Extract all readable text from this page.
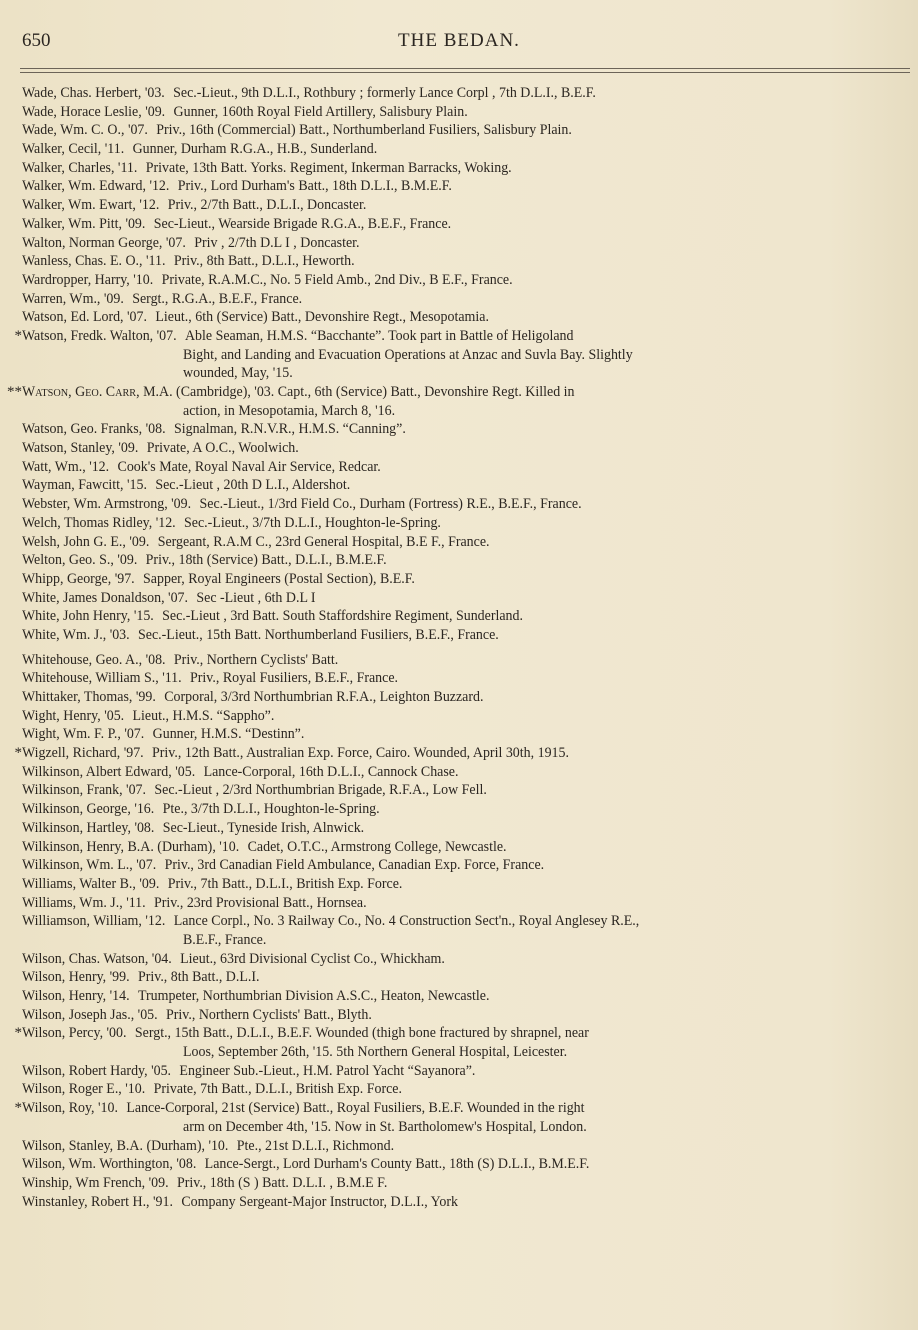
650	THE BEDAN.
Wade, Chas. Herbert, '03. Sec.-Lieut., 9th D.L.I., Rothbury ; formerly Lance Corpl , 7th D.L.I., B.E.F.
Wade, Horace Leslie, '09. Gunner, 160th Royal Field Artillery, Salisbury Plain.
Wade, Wm. C. O., '07. Priv., 16th (Commercial) Batt., Northumberland Fusiliers, Salisbury Plain.
Walker, Cecil, '11. Gunner, Durham R.G.A., H.B., Sunderland.
Walker, Charles, '11. Private, 13th Batt. Yorks. Regiment, Inkerman Barracks, Woking.
Walker, Wm. Edward, '12. Priv., Lord Durham's Batt., 18th D.L.I., B.M.E.F.
Walker, Wm. Ewart, '12. Priv., 2/7th Batt., D.L.I., Doncaster.
Walker, Wm. Pitt, '09. Sec-Lieut., Wearside Brigade R.G.A., B.E.F., France.
Walton, Norman George, '07. Priv , 2/7th D.L I , Doncaster.
Wanless, Chas. E. O., '11. Priv., 8th Batt., D.L.I., Heworth.
Wardropper, Harry, '10. Private, R.A.M.C., No. 5 Field Amb., 2nd Div., B E.F., France.
Warren, Wm., '09. Sergt., R.G.A., B.E.F., France.
Watson, Ed. Lord, '07. Lieut., 6th (Service) Batt., Devonshire Regt., Mesopotamia.
* Watson, Fredk. Walton, '07. Able Seaman, H.M.S. “Bacchante”. Took part in Battle of Heligoland
Bight, and Landing and Evacuation Operations at Anzac and Suvla Bay. Slightly
wounded, May, '15.
** Watson, Geo. Carr, M.A. (Cambridge), '03. Capt., 6th (Service) Batt., Devonshire Regt. Killed in
action, in Mesopotamia, March 8, '16.
Watson, Geo. Franks, '08. Signalman, R.N.V.R., H.M.S. “Canning”.
Watson, Stanley, '09. Private, A O.C., Woolwich.
Watt, Wm., '12. Cook's Mate, Royal Naval Air Service, Redcar.
Wayman, Fawcitt, '15. Sec.-Lieut , 20th D L.I., Aldershot.
Webster, Wm. Armstrong, '09. Sec.-Lieut., 1/3rd Field Co., Durham (Fortress) R.E., B.E.F., France.
Welch, Thomas Ridley, '12. Sec.-Lieut., 3/7th D.L.I., Houghton-le-Spring.
Welsh, John G. E., '09. Sergeant, R.A.M C., 23rd General Hospital, B.E F., France.
Welton, Geo. S., '09. Priv., 18th (Service) Batt., D.L.I., B.M.E.F.
Whipp, George, '97. Sapper, Royal Engineers (Postal Section), B.E.F.
White, James Donaldson, '07. Sec -Lieut , 6th D.L I
White, John Henry, '15. Sec.-Lieut , 3rd Batt. South Staffordshire Regiment, Sunderland.
White, Wm. J., '03. Sec.-Lieut., 15th Batt. Northumberland Fusiliers, B.E.F., France.
Whitehouse, Geo. A., '08. Priv., Northern Cyclists' Batt.
Whitehouse, William S., '11. Priv., Royal Fusiliers, B.E.F., France.
Whittaker, Thomas, '99. Corporal, 3/3rd Northumbrian R.F.A., Leighton Buzzard.
Wight, Henry, '05. Lieut., H.M.S. “Sappho”.
Wight, Wm. F. P., '07. Gunner, H.M.S. “Destinn”.
* Wigzell, Richard, '97. Priv., 12th Batt., Australian Exp. Force, Cairo. Wounded, April 30th, 1915.
Wilkinson, Albert Edward, '05. Lance-Corporal, 16th D.L.I., Cannock Chase.
Wilkinson, Frank, '07. Sec.-Lieut , 2/3rd Northumbrian Brigade, R.F.A., Low Fell.
Wilkinson, George, '16. Pte., 3/7th D.L.I., Houghton-le-Spring.
Wilkinson, Hartley, '08. Sec-Lieut., Tyneside Irish, Alnwick.
Wilkinson, Henry, B.A. (Durham), '10. Cadet, O.T.C., Armstrong College, Newcastle.
Wilkinson, Wm. L., '07. Priv., 3rd Canadian Field Ambulance, Canadian Exp. Force, France.
Williams, Walter B., '09. Priv., 7th Batt., D.L.I., British Exp. Force.
Williams, Wm. J., '11. Priv., 23rd Provisional Batt., Hornsea.
Williamson, William, '12. Lance Corpl., No. 3 Railway Co., No. 4 Construction Sect'n., Royal Anglesey R.E.,
B.E.F., France.
Wilson, Chas. Watson, '04. Lieut., 63rd Divisional Cyclist Co., Whickham.
Wilson, Henry, '99. Priv., 8th Batt., D.L.I.
Wilson, Henry, '14. Trumpeter, Northumbrian Division A.S.C., Heaton, Newcastle.
Wilson, Joseph Jas., '05. Priv., Northern Cyclists' Batt., Blyth.
* Wilson, Percy, '00. Sergt., 15th Batt., D.L.I., B.E.F. Wounded (thigh bone fractured by shrapnel, near
Loos, September 26th, '15. 5th Northern General Hospital, Leicester.
Wilson, Robert Hardy, '05. Engineer Sub.-Lieut., H.M. Patrol Yacht “Sayanora”.
Wilson, Roger E., '10. Private, 7th Batt., D.L.I., British Exp. Force.
* Wilson, Roy, '10. Lance-Corporal, 21st (Service) Batt., Royal Fusiliers, B.E.F. Wounded in the right
arm on December 4th, '15. Now in St. Bartholomew's Hospital, London.
Wilson, Stanley, B.A. (Durham), '10. Pte., 21st D.L.I., Richmond.
Wilson, Wm. Worthington, '08. Lance-Sergt., Lord Durham's County Batt., 18th (S) D.L.I., B.M.E.F.
Winship, Wm French, '09. Priv., 18th (S ) Batt. D.L.I. , B.M.E F.
Winstanley, Robert H., '91. Company Sergeant-Major Instructor, D.L.I., York
